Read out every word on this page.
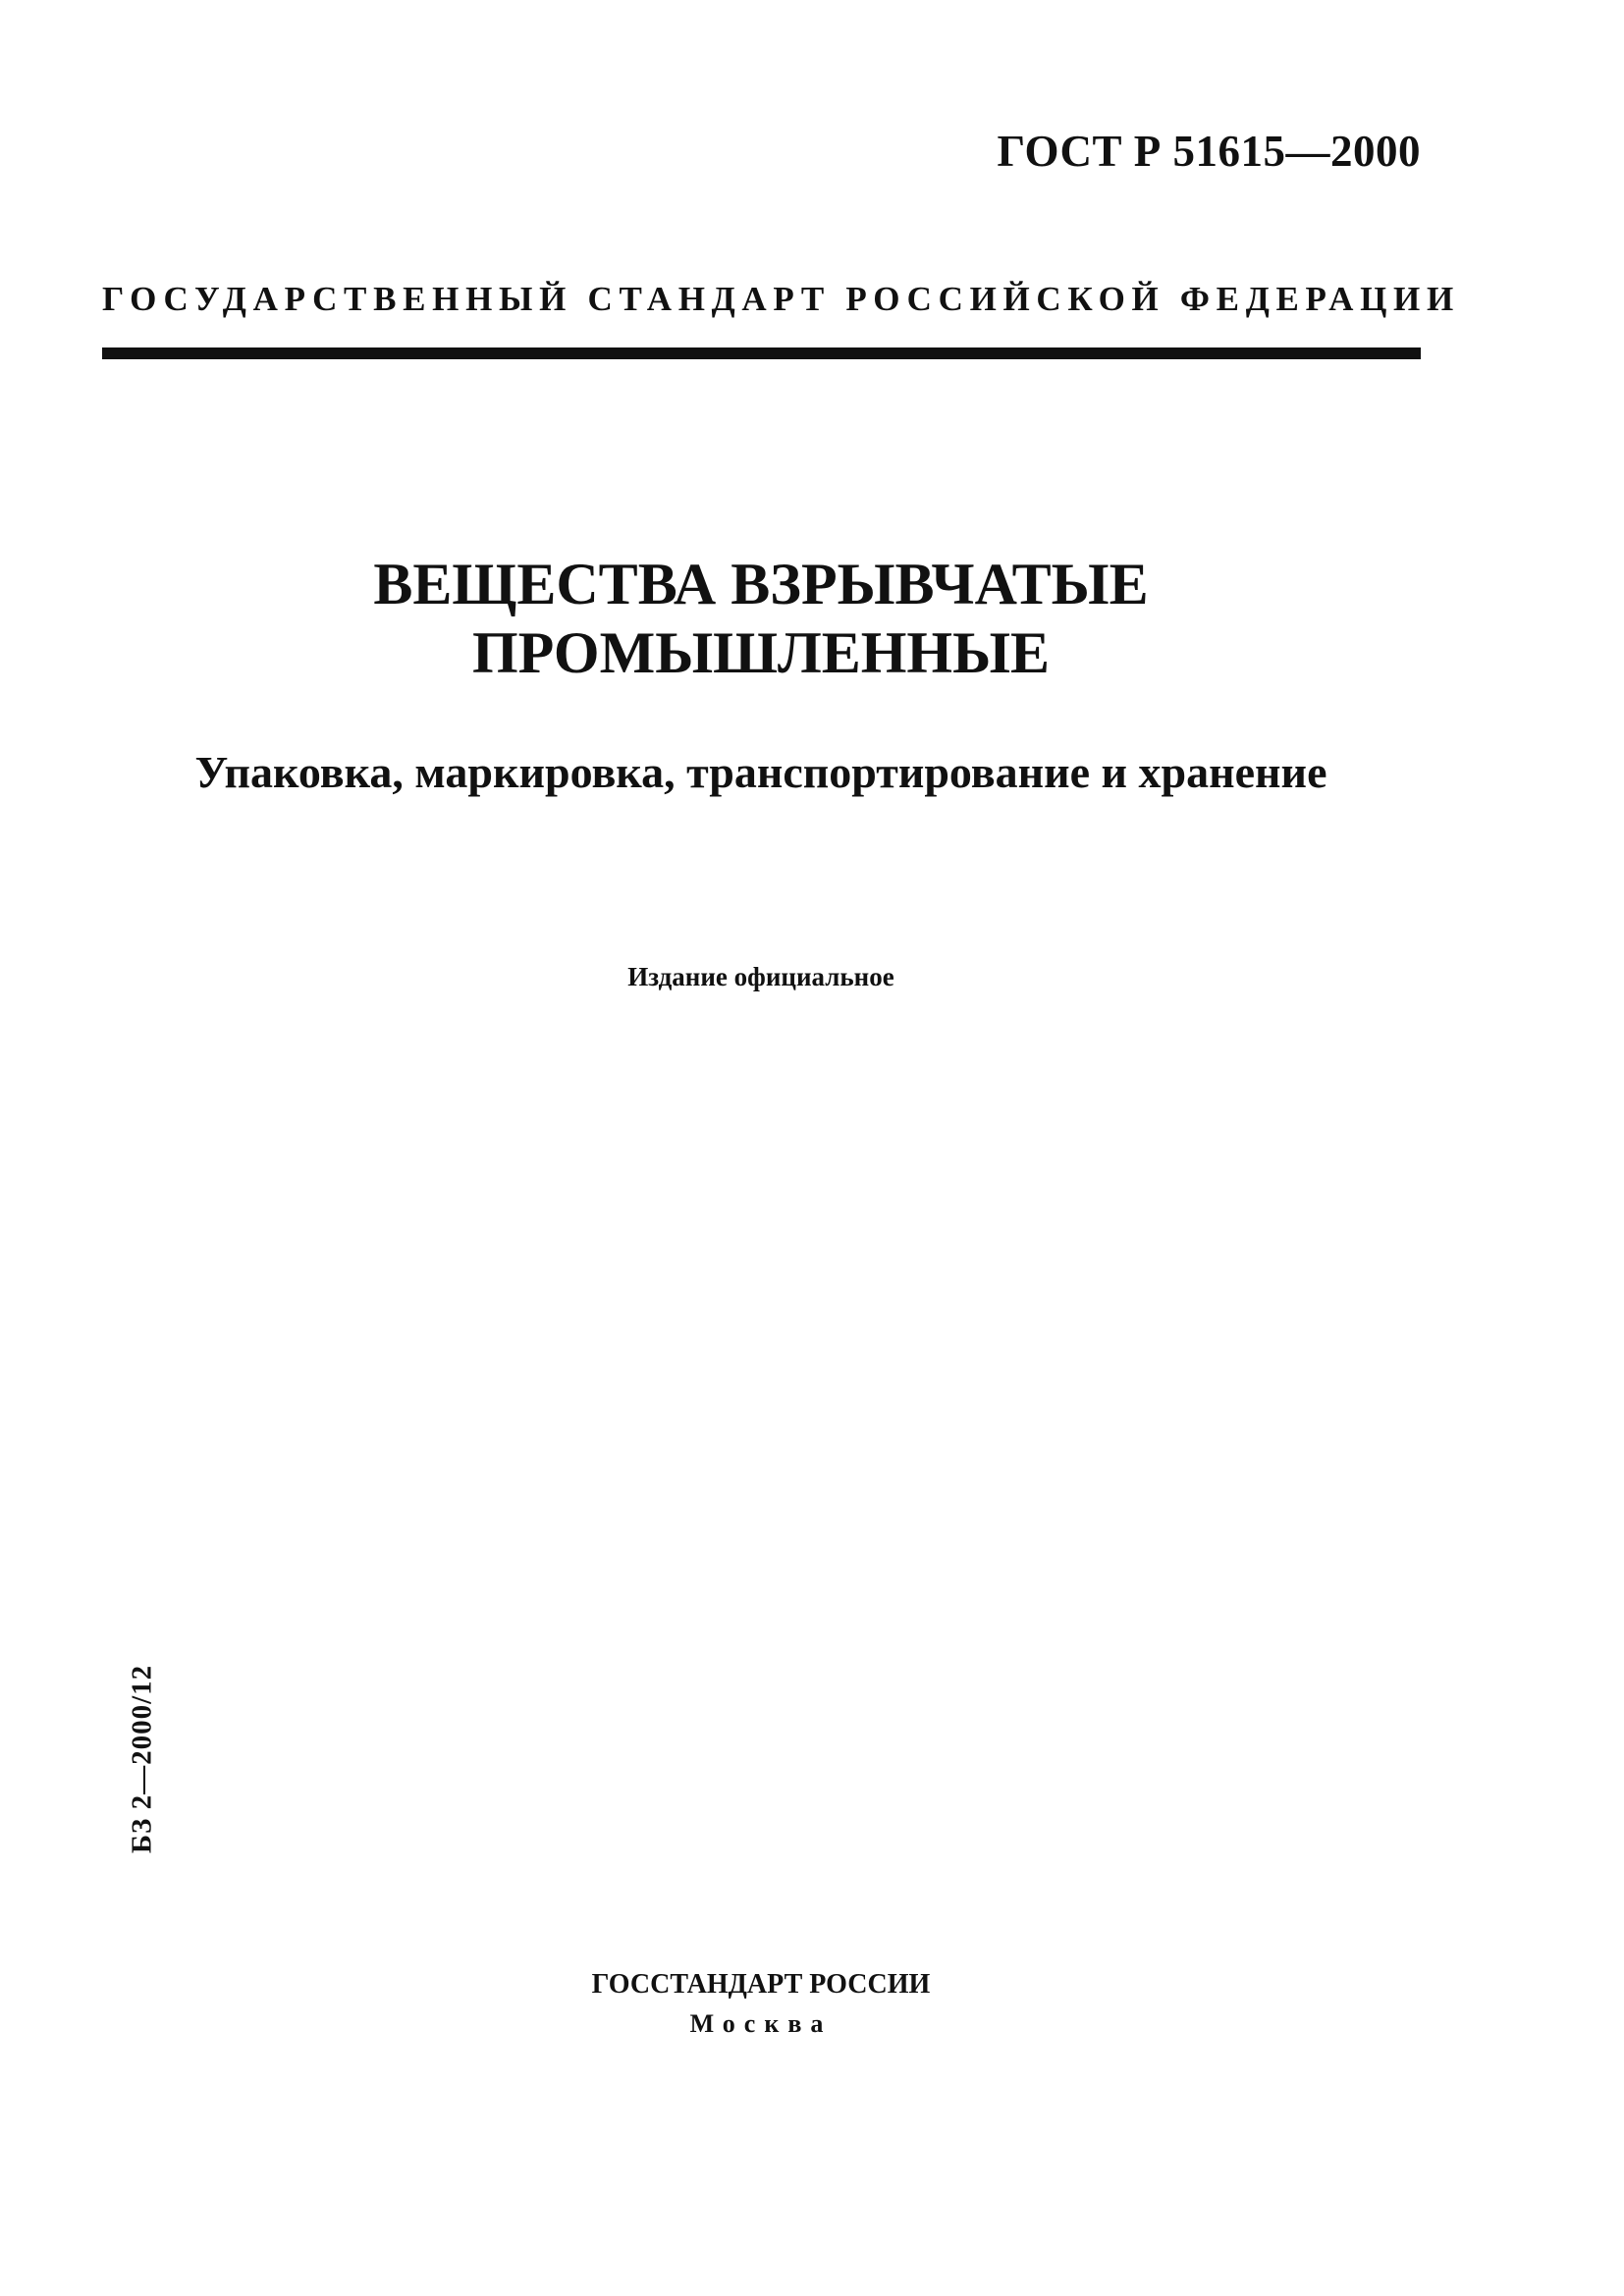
ГОСТ Р 51615—2000
ГОСУДАРСТВЕННЫЙ СТАНДАРТ РОССИЙСКОЙ ФЕДЕРАЦИИ
ВЕЩЕСТВА ВЗРЫВЧАТЫЕ
ПРОМЫШЛЕННЫЕ
Упаковка, маркировка, транспортирование и хранение
Издание официальное
БЗ 2—2000/12
ГОССТАНДАРТ РОССИИ
Москва
